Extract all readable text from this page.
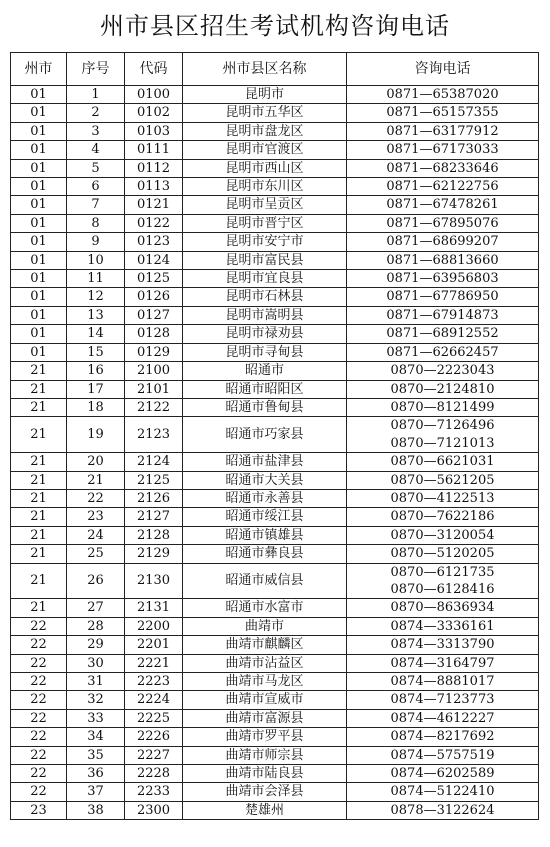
州市县区招生考试机构咨询电话
州市	序号	代码	州市县区名称	咨询电话
01	1	0100	昆明市	0871—65387020

01	2	0102	昆明市五华区	0871—65157355

01	3	0103	昆明市盘龙区	0871—63177912

01	4	0111	昆明市官渡区	0871—67173033

01	5	0112	昆明市西山区	0871—68233646

01	6	0113	昆明市东川区	0871—62122756

01	7	0121	昆明市呈贡区	0871—67478261

01	8	0122	昆明市晋宁区	0871—67895076

01	9	0123	昆明市安宁市	0871—68699207

01	10	0124	昆明市富民县	0871—68813660

01	11	0125	昆明市宜良县	0871—63956803

01	12	0126	昆明市石林县	0871—67786950

01	13	0127	昆明市嵩明县	0871—67914873

01	14	0128	昆明市禄劝县	0871—68912552

01	15	0129	昆明市寻甸县	0871—62662457

21	16	2100	昭通市	0870—2223043

21	17	2101	昭通市昭阳区	0870—2124810

21	18	2122	昭通市鲁甸县	0870—8121499

21	19	2123	昭通市巧家县	0870—7126496
0870—7121013

21	20	2124	昭通市盐津县	0870—6621031

21	21	2125	昭通市大关县	0870—5621205

21	22	2126	昭通市永善县	0870—4122513

21	23	2127	昭通市绥江县	0870—7622186

21	24	2128	昭通市镇雄县	0870—3120054

21	25	2129	昭通市彝良县	0870—5120205

21	26	2130	昭通市威信县	0870—6121735
0870—6128416

21	27	2131	昭通市水富市	0870—8636934

22	28	2200	曲靖市	0874—3336161

22	29	2201	曲靖市麒麟区	0874—3313790

22	30	2221	曲靖市沾益区	0874—3164797

22	31	2223	曲靖市马龙区	0874—8881017

22	32	2224	曲靖市宣威市	0874—7123773

22	33	2225	曲靖市富源县	0874—4612227

22	34	2226	曲靖市罗平县	0874—8217692

22	35	2227	曲靖市师宗县	0874—5757519

22	36	2228	曲靖市陆良县	0874—6202589

22	37	2233	曲靖市会泽县	0874—5122410

23	38	2300	楚雄州	0878—3122624
